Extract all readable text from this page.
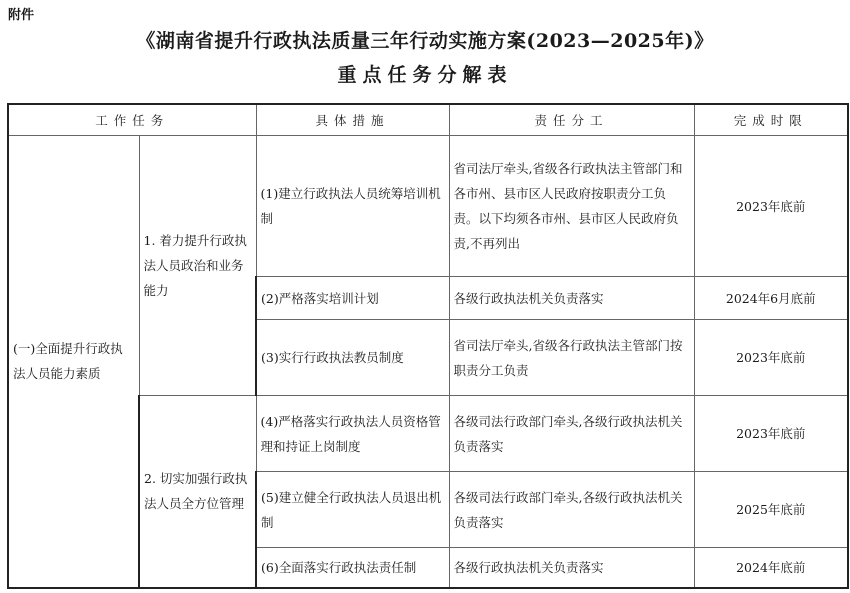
附件
《湖南省提升行政执法质量三年行动实施方案(2023—2025年)》
重点任务分解表
工作任务		具体措施	责任分工	完成时限
(一)全面提升行政执法人员能力素质	1. 着力提升行政执法人员政治和业务能力	(1)建立行政执法人员统筹培训机制	省司法厅牵头,省级各行政执法主管部门和各市州、县市区人民政府按职责分工负责。以下均须各市州、县市区人民政府负责,不再列出	2023年底前
		(2)严格落实培训计划	各级行政执法机关负责落实	2024年6月底前
		(3)实行行政执法教员制度	省司法厅牵头,省级各行政执法主管部门按职责分工负责	2023年底前
	2. 切实加强行政执法人员全方位管理	(4)严格落实行政执法人员资格管理和持证上岗制度	各级司法行政部门牵头,各级行政执法机关负责落实	2023年底前
		(5)建立健全行政执法人员退出机制	各级司法行政部门牵头,各级行政执法机关负责落实	2025年底前
		(6)全面落实行政执法责任制	各级行政执法机关负责落实	2024年底前
